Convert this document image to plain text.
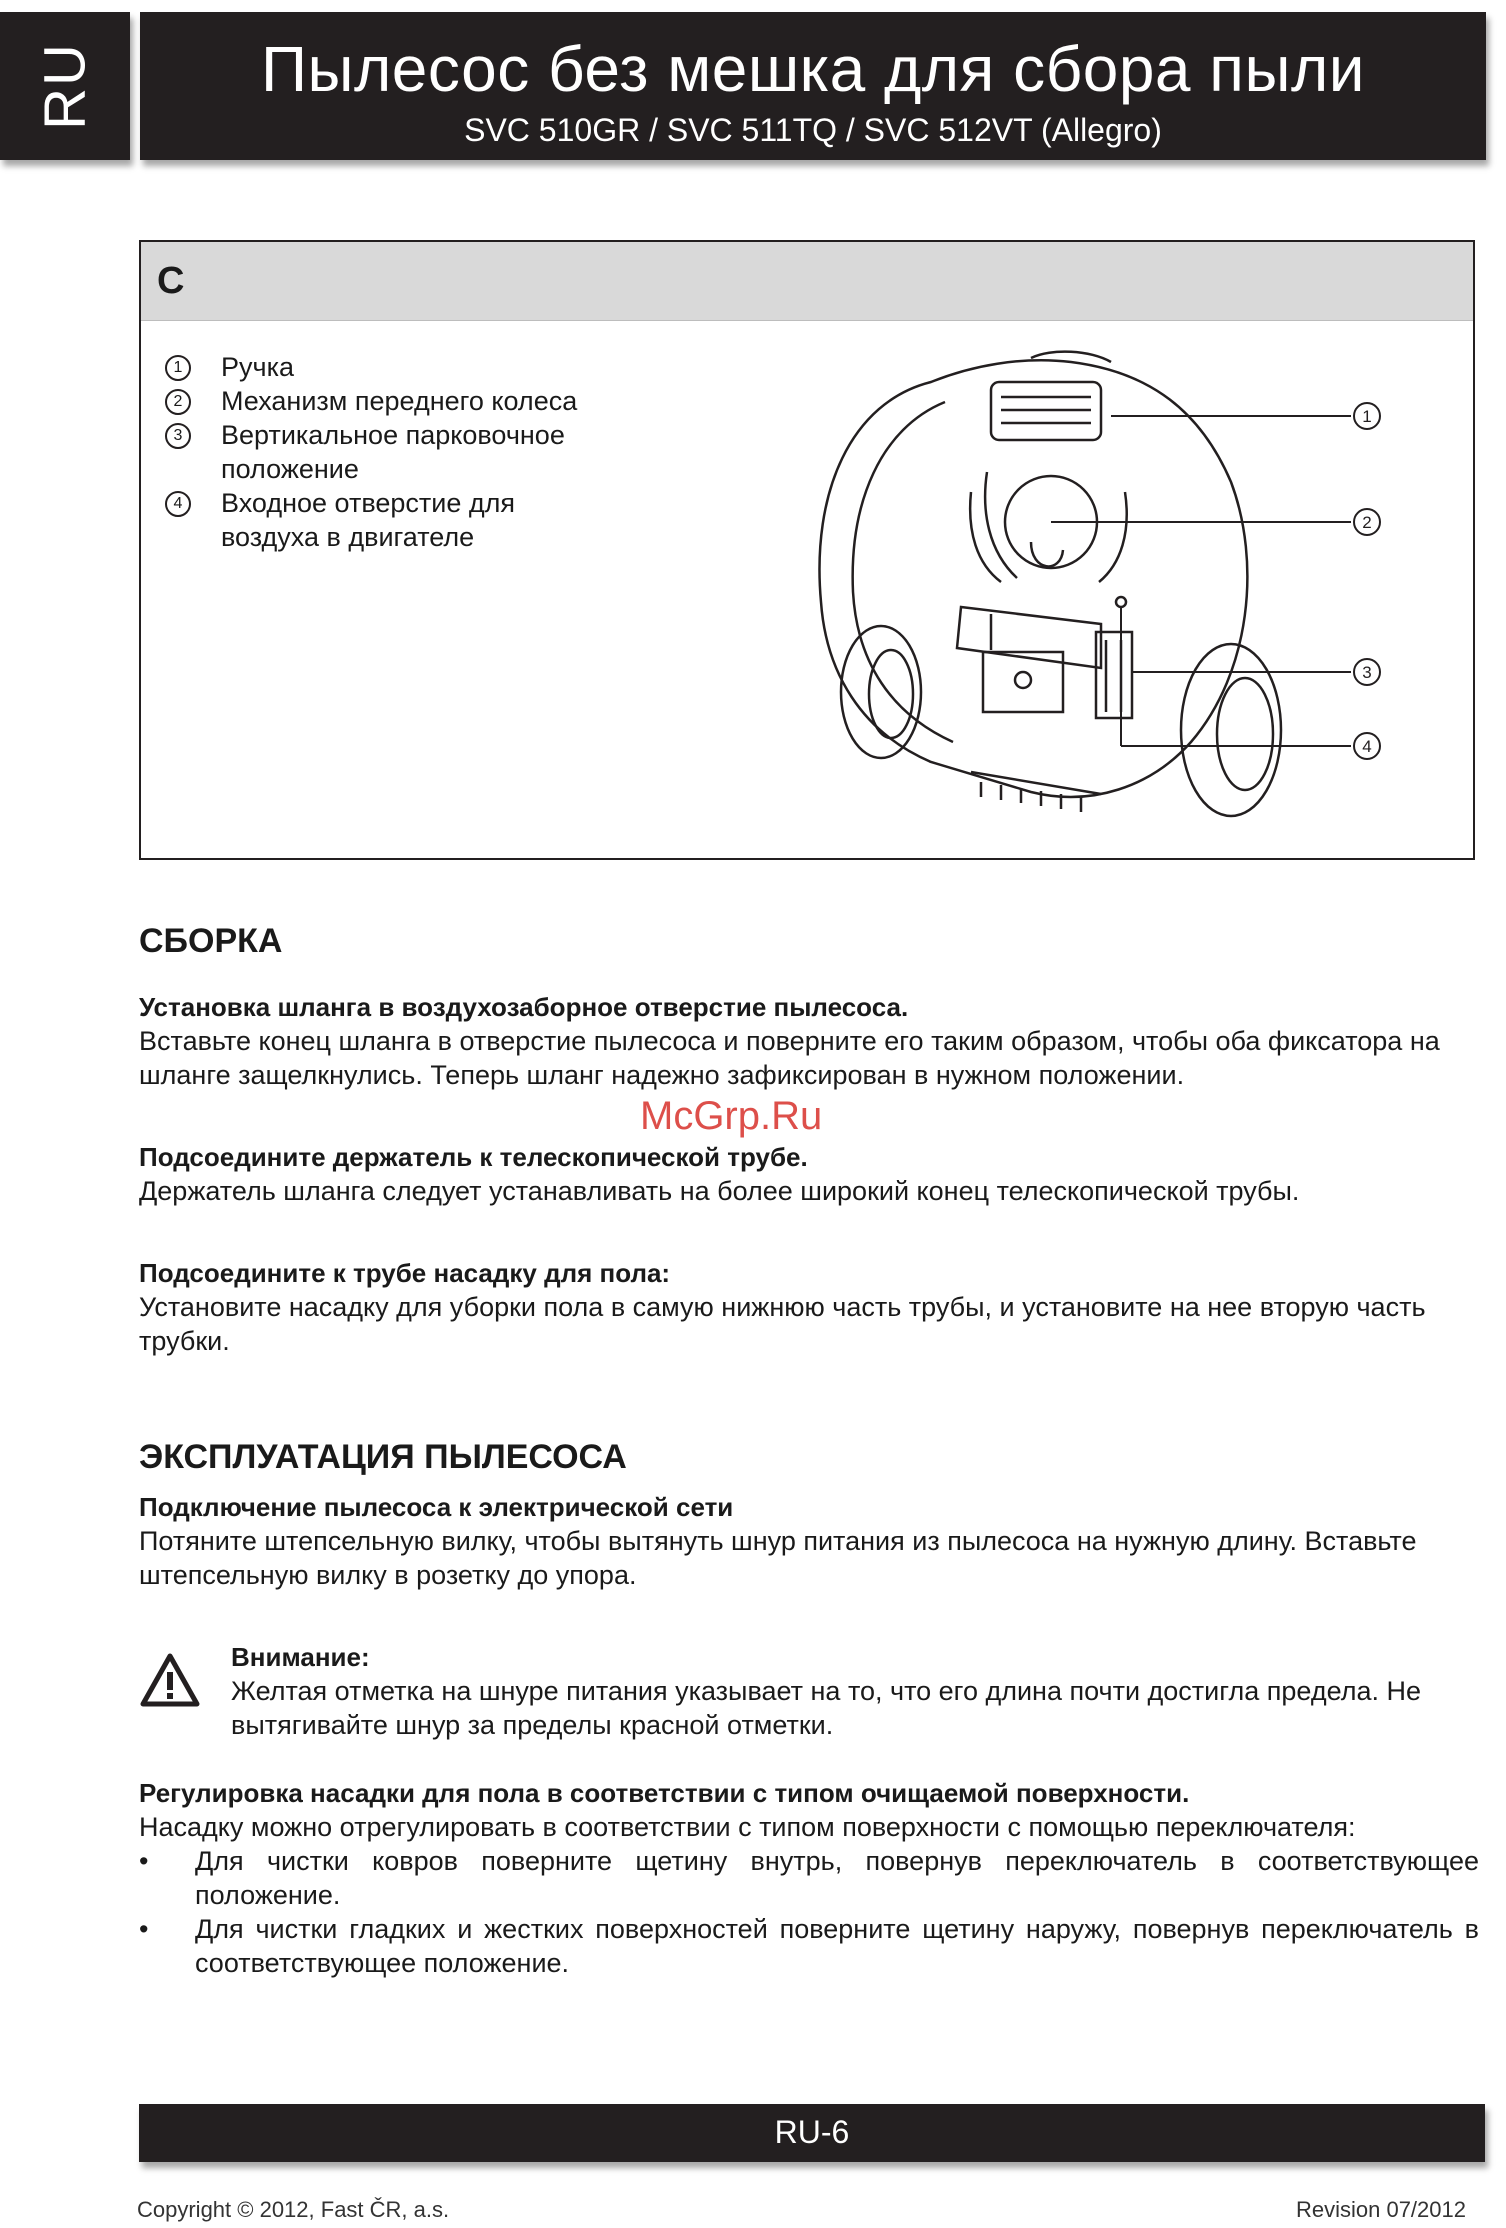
RU	Пылесос без мешка для сбора пыли
SVC 510GR / SVC 511TQ / SVC 512VT (Allegro)
C
1	Ручка
2	Механизм переднего колеса
3	Вертикальное парковочное положение
4	Входное отверстие для воздуха в двигателе
1
2
3
4
СБОРКА

Установка шланга в воздухозаборное отверстие пылесоса.

Вставьте конец шланга в отверстие пылесоса и поверните его таким образом, чтобы оба фиксатора на шланге защелкнулись. Теперь шланг надежно зафиксирован в нужном положении.

Подсоедините держатель к телескопической трубе.

Держатель шланга следует устанавливать на более широкий конец телескопической трубы.

Подсоедините к трубе насадку для пола:

Установите насадку для уборки пола в самую нижнюю часть трубы, и установите на нее вторую часть трубки.

ЭКСПЛУАТАЦИЯ ПЫЛЕСОСА

Подключение пылесоса к электрической сети

Потяните штепсельную вилку, чтобы вытянуть шнур питания из пылесоса на нужную длину. Вставьте штепсельную вилку в розетку до упора.

Внимание:

Желтая отметка на шнуре питания указывает на то, что его длина почти достигла предела. Не вытягивайте шнур за пределы красной отметки.

Регулировка насадки для пола в соответствии с типом очищаемой поверхности.

Насадку можно отрегулировать в соответствии с типом поверхности с помощью переключателя:

• Для чистки ковров поверните щетину внутрь, повернув переключатель в соответствующее положение.
• Для чистки гладких и жестких поверхностей поверните щетину наружу, повернув переключатель в соответствующее положение.
McGrp.Ru
RU-6
Copyright © 2012, Fast ČR, a.s.	Revision 07/2012
